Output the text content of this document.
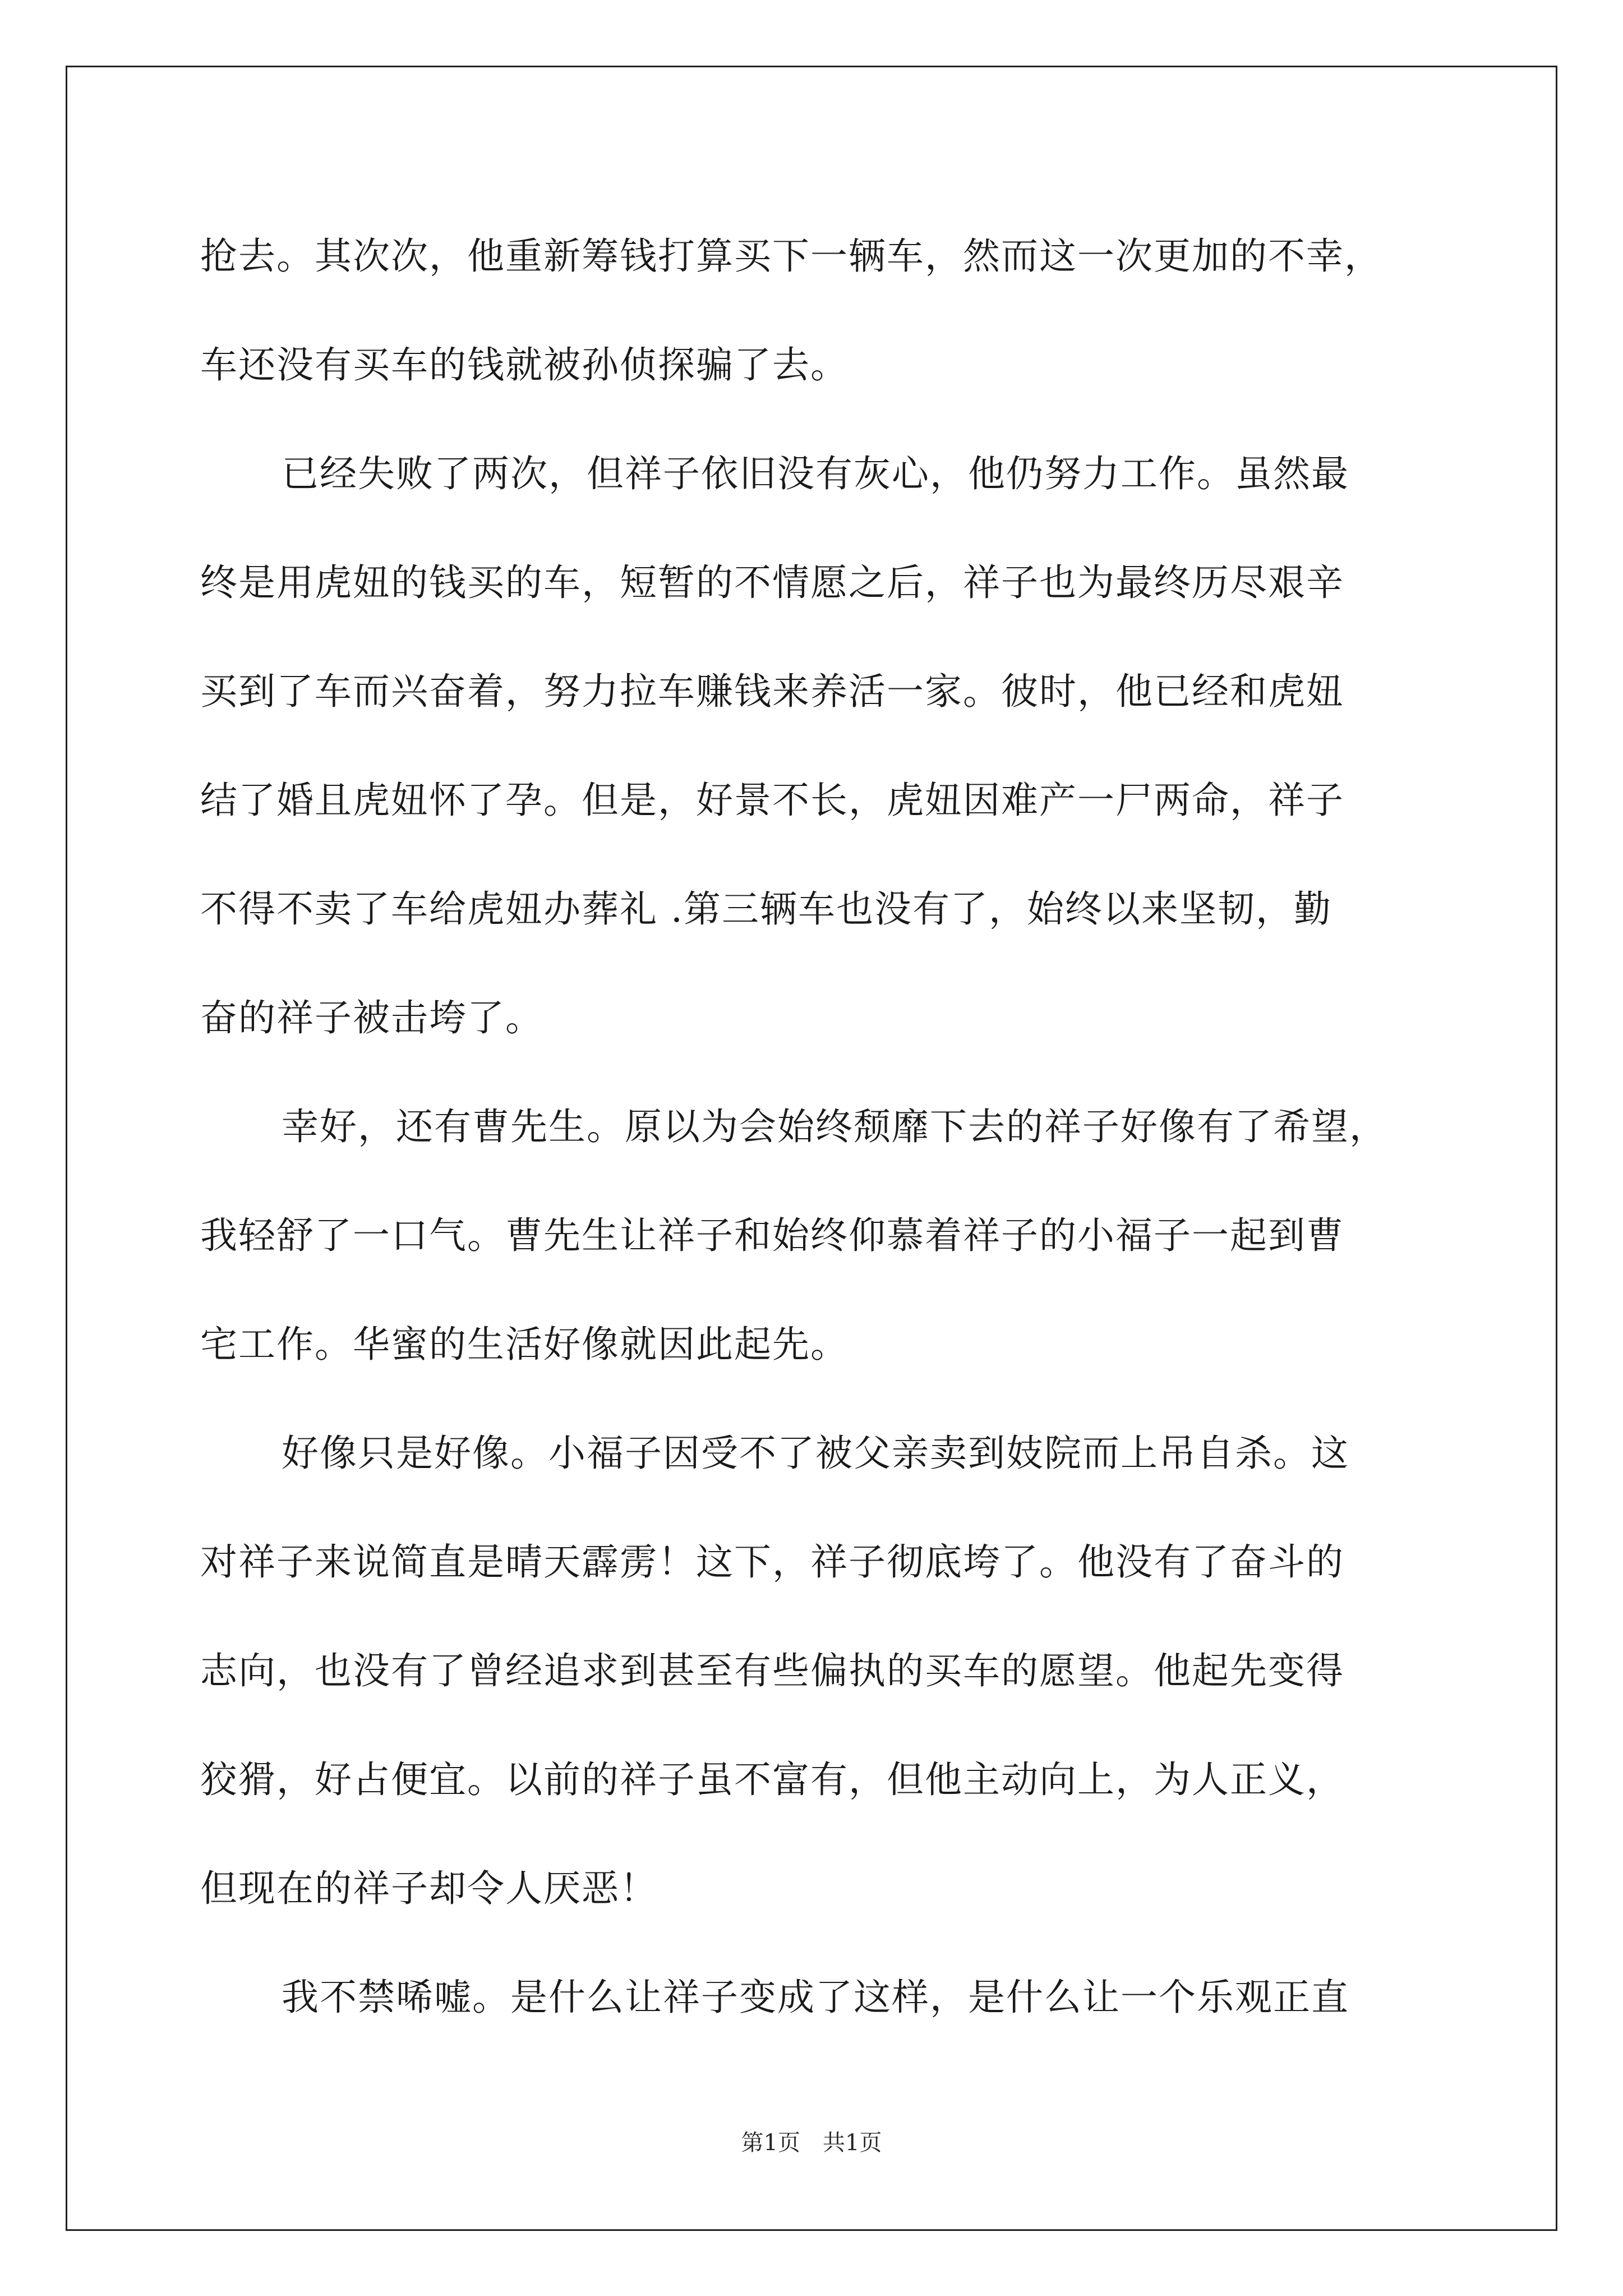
抢去。其次次，他重新筹钱打算买下一辆车，然而这一次更加的不幸，
车还没有买车的钱就被孙侦探骗了去。
已经失败了两次，但祥子依旧没有灰心，他仍努力工作。虽然最
终是用虎妞的钱买的车，短暂的不情愿之后，祥子也为最终历尽艰辛
买到了车而兴奋着，努力拉车赚钱来养活一家。彼时，他已经和虎妞
结了婚且虎妞怀了孕。但是，好景不长，虎妞因难产一尸两命，祥子
不得不卖了车给虎妞办葬礼 .第三辆车也没有了，始终以来坚韧，勤
奋的祥子被击垮了。
幸好，还有曹先生。原以为会始终颓靡下去的祥子好像有了希望，
我轻舒了一口气。曹先生让祥子和始终仰慕着祥子的小福子一起到曹
宅工作。华蜜的生活好像就因此起先。
好像只是好像。小福子因受不了被父亲卖到妓院而上吊自杀。这
对祥子来说简直是晴天霹雳！这下，祥子彻底垮了。他没有了奋斗的
志向，也没有了曾经追求到甚至有些偏执的买车的愿望。他起先变得
狡猾，好占便宜。以前的祥子虽不富有，但他主动向上，为人正义，
但现在的祥子却令人厌恶！
我不禁唏嘘。是什么让祥子变成了这样，是什么让一个乐观正直
第1页 共1页
